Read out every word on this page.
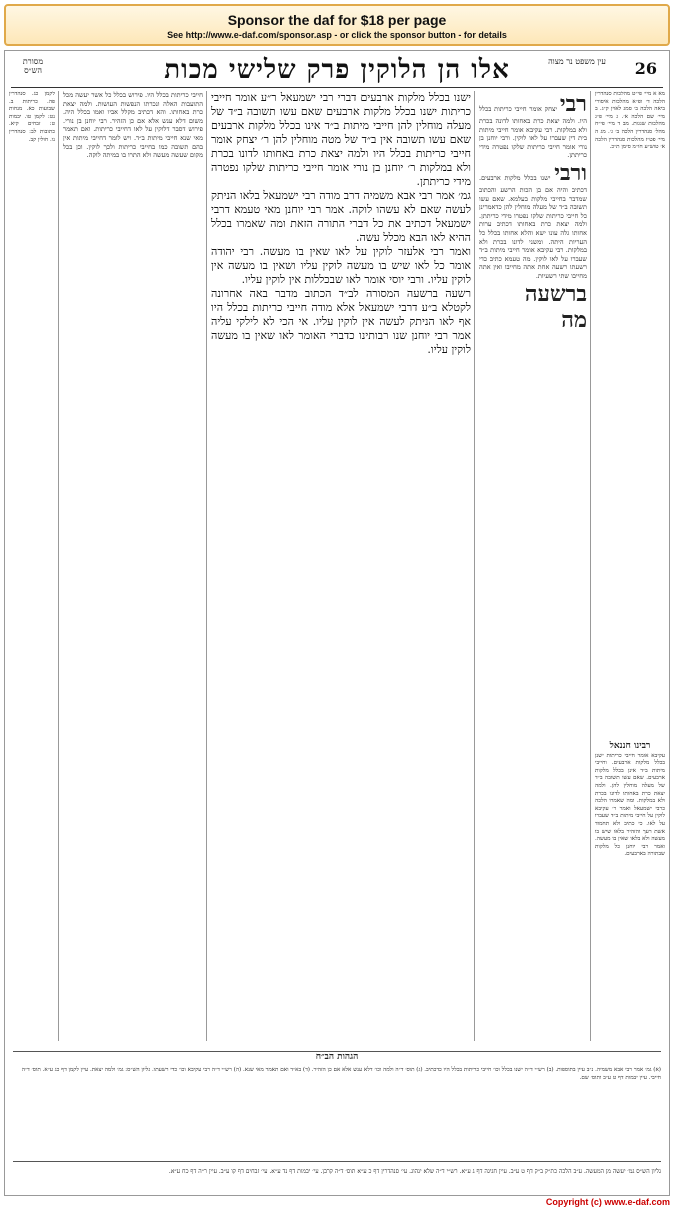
Sponsor the daf for $18 per page
See http://www.e-daf.com/sponsor.asp - or click the sponsor button - for details
26
עין משפט נר מצוה
אלו הן הלוקין פרק שלישי מכות
מסורת הש״ס

מא א מיי׳ פי״ט מהלכות סנהדרין הלכה ד׳ ופ״א מהלכות איסורי ביאה הלכה ב׳ סמג לאוין ק״ג. ב מיי׳ שם הלכה א׳. ג מיי׳ פ״ג מהלכות שגגות. מב ד מיי׳ פי״ח מהל׳ סנהדרין הלכה ב׳ ג׳. מג ה מיי׳ פט״ז מהלכות סנהדרין הלכה א׳ טוש״ע חו״מ סימן ת״כ.

רבינו חננאל

עקיבא אומר חייבי כריתות ישנן בכלל מלקות ארבעים. וחייבי מיתות ב״ד אינן בכלל מלקות ארבעים. שאם עשו תשובה ב״ד של מעלה מוחלין להן. ולמה יצאת כרת באחותו לדונו בכרת ולא במלקות. ומה שאמרו הלכה כרבי ישמעאל ואמר ר׳ עקיבא לוקין על חייבי מיתות ב״ד שעברו על לאו. כי כתיב ולא תחמוד אשת רעך והזהיר בלאו שיש בו מעשה ולא בלאו שאין בו מעשה. ואמר רבי יוחנן כל מלקות שבתורה בארבעים.

רבי יצחק אומר חייבי כריתות בכלל היו. ולמה יצאת כרת באחותו לדונה בכרת ולא במלקות. רבי עקיבא אומר חייבי מיתות בית דין שעברו על לאו לוקין. ורבי יוחנן בן נורי אומר חייבי כריתות שלקו נפטרה מידי כריתתן.

ורבי ישנו בכלל מלקות ארבעים. דכתיב והיה אם בן הכות הרשע והכתוב שמדבר בחייבי מלקות בעלמא. שאם עשו תשובה ב״ד של מעלה מוחלין להן כדאמרינן כל חייבי כריתות שלקו נפטרו מידי כריתתן. ולמה יצאת כרת באחותו דכתיב ערות אחותו גלה עונו ישא והלא אחותו בכלל כל העריות היתה. ומשני לדונו בכרת ולא במלקות. רבי עקיבא אומר חייבי מיתות ב״ד שעברו על לאו לוקין. מה טעמא כתיב כדי רשעתו רשעה אחת אתה מחייבו ואין אתה מחייבו שתי רשעיות.

ברשעה

מה

ישנו בכלל מלקות ארבעים דברי רבי ישמעאל ר״ע אומר חייבי כריתות ישנו בכלל מלקות ארבעים שאם עשו תשובה ב״ד של מעלה מוחלין להן חייבי מיתות ב״ד אינו בכלל מלקות ארבעים שאם עשו תשובה אין ב״ד של מטה מוחלין להן ר׳ יצחק אומר חייבי כריתות בכלל היו ולמה יצאת כרת באחותו לדונו בכרת ולא במלקות ר׳ יוחנן בן נורי אומר חייבי כריתות שלקו נפטרה מידי כריתתן.

גמ׳ אמר רבי אבא משמיה דרב מודה רבי ישמעאל בלאו הניתק לעשה שאם לא עשהו לוקה. אמר רבי יוחנן מאי טעמא דרבי ישמעאל דכתיב את כל דברי התורה הזאת ומה שאמרו בכלל ההיא לאו הבא מכלל עשה.

ואמר רבי אלעזר לוקין על לאו שאין בו מעשה. רבי יהודה אומר כל לאו שיש בו מעשה לוקין עליו ושאין בו מעשה אין לוקין עליו. ורבי יוסי אומר לאו שבכללות אין לוקין עליו.

רשעה ברשעה המסורה לב״ד הכתוב מדבר באה אחרונה לקטלא ב״ע דרבי ישמעאל אלא מודה חייבי כריתות בכלל היו אף לאו הניתק לעשה אין לוקין עליו. אי הכי לא לילקי עליה אמר רבי יוחנן שנו רבותינו כדברי האומר לאו שאין בו מעשה לוקין עליו.

חייבי כריתות בכלל היו. פירוש בכלל כל אשר יעשה מכל התועבות האלה ונכרתו הנפשות העושות. ולמה יצאת כרת באחותו. והא דכתיב מקלל אביו ואמו בכלל היה. משום דלא ענש אלא אם כן הזהיר. רבי יוחנן בן נורי. פירוש דסבר דלוקין על לאו דחייבי כריתות. ואם תאמר מאי שנא חייבי מיתות ב״ד. ויש לומר דחייבי מיתות אין בהם תשובה כמו בחייבי כריתות ולכך לוקין. וכן בכל מקום שעשה מעשה ולא התרו בו במיתה לוקה.

לקמן כג. סנהדרין פה. כריתות ב. שבועות כא. מנחות נט: לקמן טו. יבמות ט: זבחים קיא. כתובות לב: סנהדרין נו. חולין קב.

הגהות הב״ח

(א) גמ׳ אמר רבי אבא משמיה. נ״ב עיין בתוספות. (ב) רש״י ד״ה ישנו בכלל וכו׳ חייבי כריתות בכלל היו כדכתיב. (ג) תוס׳ ד״ה ולמה וכו׳ דלא ענש אלא אם כן הזהיר. (ד) בא״ד ואם תאמר מאי שנא. (ה) רש״י ד״ה רבי עקיבא וכו׳ כדי רשעתו. גליון הש״ס: גמ׳ ולמה יצאת. עיין לקמן דף כג ע״א. תוס׳ ד״ה חייבי. עיין יבמות דף ט ע״ב ותוס׳ שם.

גליון הש״ס גמ׳ יעשה מן המעשה. ע״ב הלכה כת״ק ב״ק דף ט ע״ב. עיין חגיגה דף ג ע״א. רש״י ד״ה שלא ינהוג. עי׳ סנהדרין דף כ ע״א תוס׳ ד״ה קרבן. עי׳ יבמות דף נד ע״א. עי׳ זבחים דף קו ע״ב. עיין ר״ה דף כח ע״א.

Copyright (c) www.e-daf.com
